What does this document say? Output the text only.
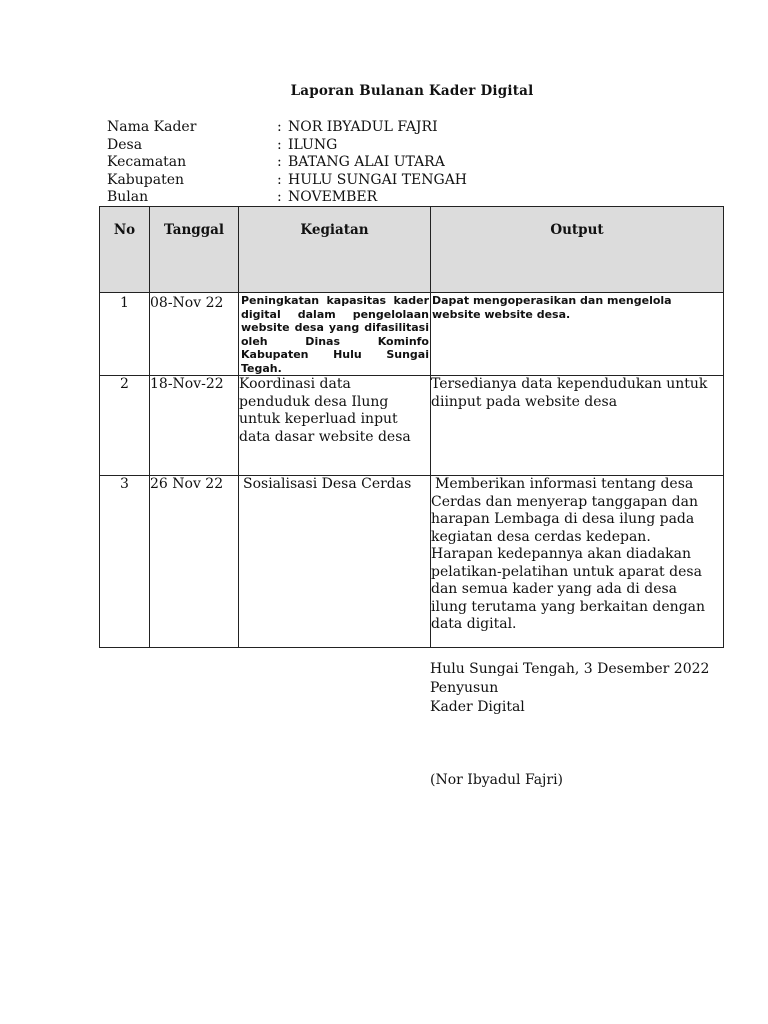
Laporan Bulanan Kader Digital
Nama Kader	: NOR IBYADUL FAJRI
Desa	: ILUNG
Kecamatan	: BATANG ALAI UTARA
Kabupaten	: HULU SUNGAI TENGAH
Bulan	: NOVEMBER
No	Tanggal	Kegiatan	Output
1	08-Nov 22	Peningkatan kapasitas kader digital dalam pengelolaan website desa yang difasilitasi oleh Dinas Kominfo Kabupaten Hulu Sungai Tegah.	Dapat mengoperasikan dan mengelola website website desa.
2	18-Nov-22	Koordinasi data penduduk desa Ilung untuk keperluad input data dasar website desa	Tersedianya data kependudukan untuk diinput pada website desa
3	26 Nov 22	Sosialisasi Desa Cerdas	Memberikan informasi tentang desa Cerdas dan menyerap tanggapan dan harapan Lembaga di desa ilung pada kegiatan desa cerdas kedepan. Harapan kedepannya akan diadakan pelatikan-pelatihan untuk aparat desa dan semua kader yang ada di desa ilung terutama yang berkaitan dengan data digital.
Hulu Sungai Tengah, 3 Desember 2022
Penyusun
Kader Digital
(Nor Ibyadul Fajri)
